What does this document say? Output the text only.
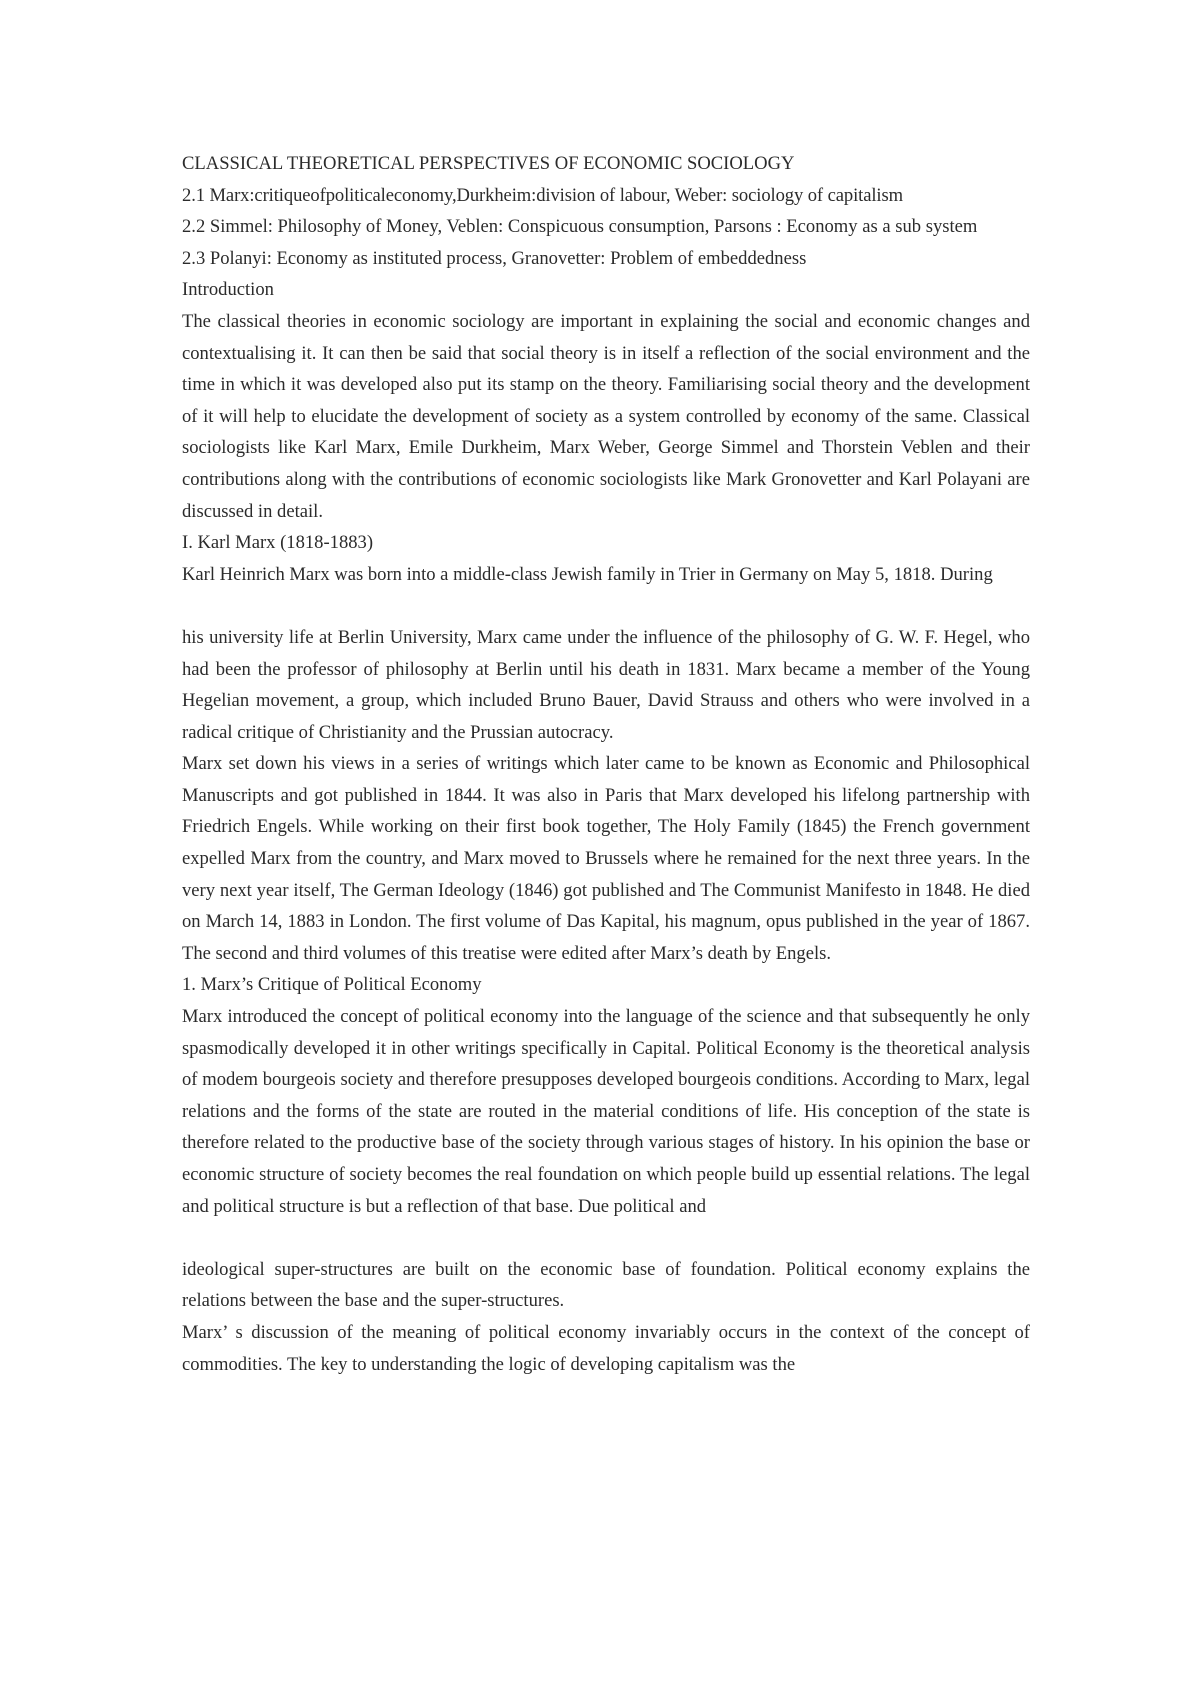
CLASSICAL THEORETICAL PERSPECTIVES OF ECONOMIC SOCIOLOGY

2.1 Marx:critiqueofpoliticaleconomy,Durkheim:division of labour, Weber: sociology of capitalism

2.2 Simmel: Philosophy of Money, Veblen: Conspicuous consumption, Parsons : Economy as a sub system

2.3 Polanyi: Economy as instituted process, Granovetter: Problem of embeddedness

Introduction

The classical theories in economic sociology are important in explaining the social and economic changes and contextualising it. It can then be said that social theory is in itself a reflection of the social environment and the time in which it was developed also put its stamp on the theory. Familiarising social theory and the development of it will help to elucidate the development of society as a system controlled by economy of the same. Classical sociologists like Karl Marx, Emile Durkheim, Marx Weber, George Simmel and Thorstein Veblen and their contributions along with the contributions of economic sociologists like Mark Gronovetter and Karl Polayani are discussed in detail.

I. Karl Marx (1818-1883)

Karl Heinrich Marx was born into a middle-class Jewish family in Trier in Germany on May 5, 1818. During

his university life at Berlin University, Marx came under the influence of the philosophy of G. W. F. Hegel, who had been the professor of philosophy at Berlin until his death in 1831. Marx became a member of the Young Hegelian movement, a group, which included Bruno Bauer, David Strauss and others who were involved in a radical critique of Christianity and the Prussian autocracy.

Marx set down his views in a series of writings which later came to be known as Economic and Philosophical Manuscripts and got published in 1844. It was also in Paris that Marx developed his lifelong partnership with Friedrich Engels. While working on their first book together, The Holy Family (1845) the French government expelled Marx from the country, and Marx moved to Brussels where he remained for the next three years. In the very next year itself, The German Ideology (1846) got published and The Communist Manifesto in 1848. He died on March 14, 1883 in London. The first volume of Das Kapital, his magnum, opus published in the year of 1867. The second and third volumes of this treatise were edited after Marx’s death by Engels.

1. Marx’s Critique of Political Economy

Marx introduced the concept of political economy into the language of the science and that subsequently he only spasmodically developed it in other writings specifically in Capital. Political Economy is the theoretical analysis of modem bourgeois society and therefore presupposes developed bourgeois conditions. According to Marx, legal relations and the forms of the state are routed in the material conditions of life. His conception of the state is therefore related to the productive base of the society through various stages of history. In his opinion the base or economic structure of society becomes the real foundation on which people build up essential relations. The legal and political structure is but a reflection of that base. Due political and

ideological super-structures are built on the economic base of foundation. Political economy explains the relations between the base and the super-structures.

Marx’ s discussion of the meaning of political economy invariably occurs in the context of the concept of commodities. The key to understanding the logic of developing capitalism was the
